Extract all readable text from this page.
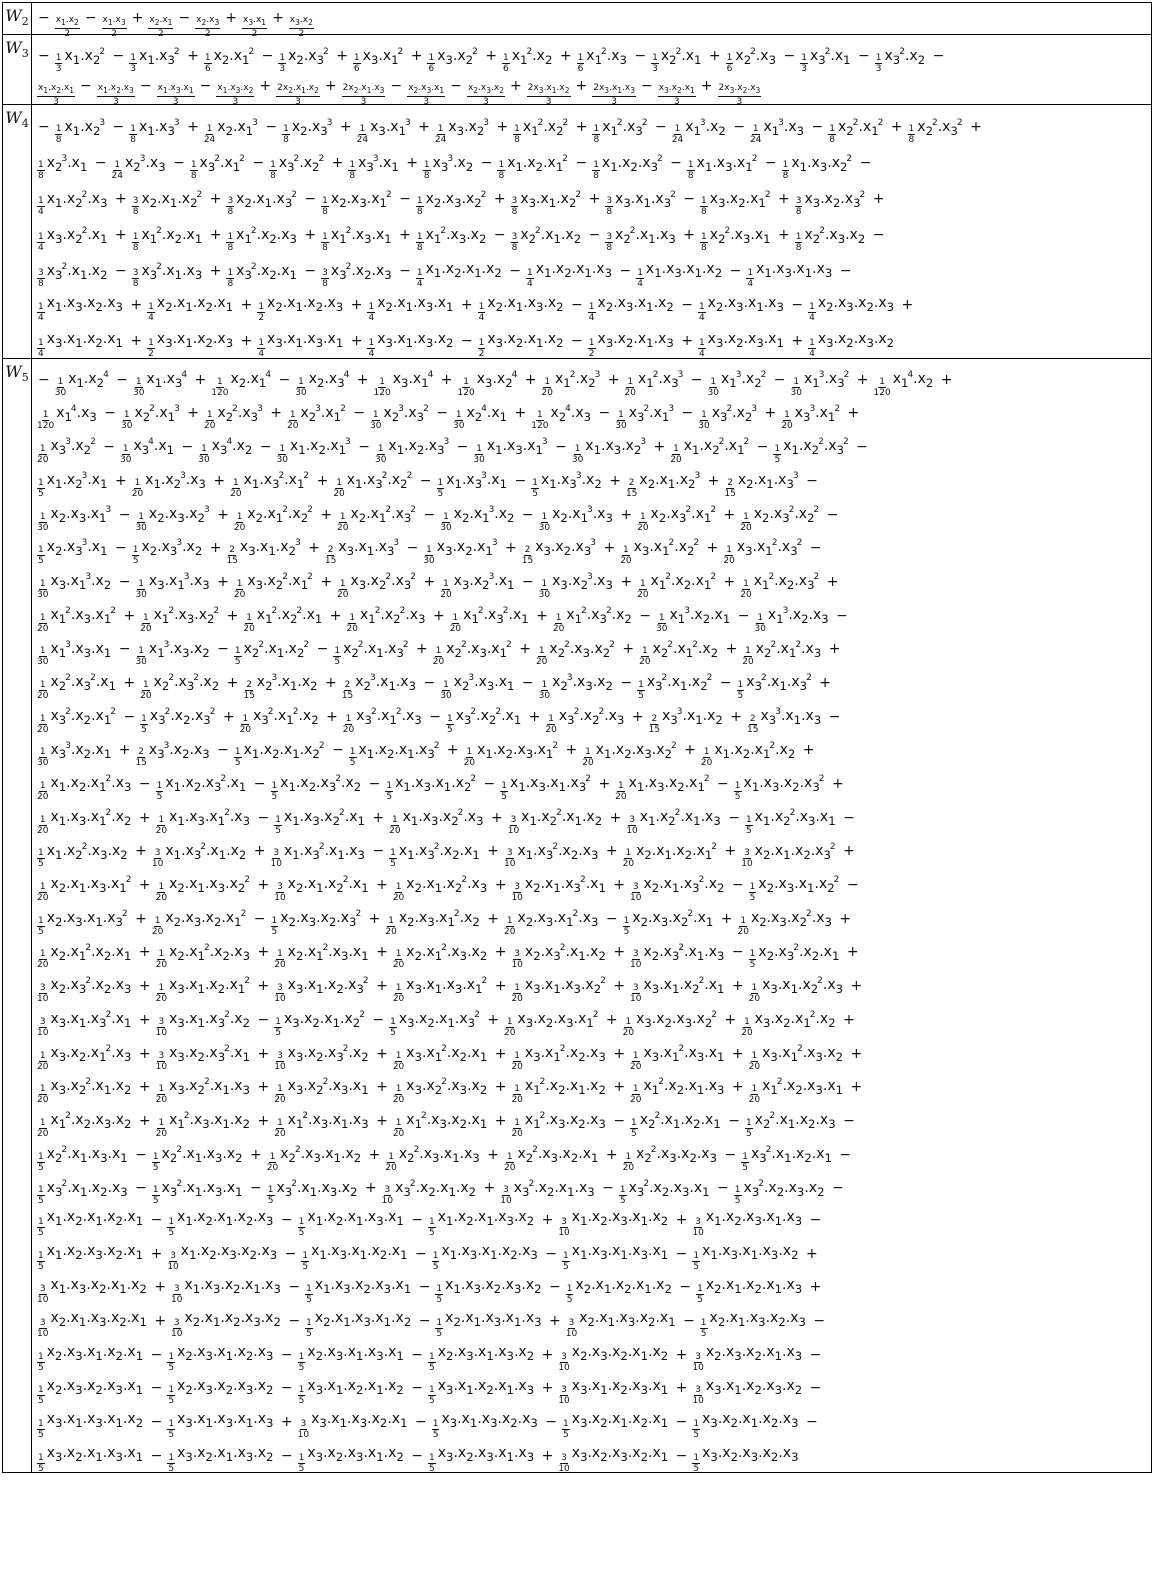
$W_2 - \frac{x_1.x_2}{2} - \frac{x_1.x_3}{2} + \frac{x_2.x_1}{2} - \frac{x_2.x_3}{2} + \frac{x_3.x_1}{2} + \frac{x_3.x_2}{2}$
$W_3 - \frac{1}{3} x_1.x_22 - \frac{1}{3} x_1.x_32 + \frac{1}{6} x_2.x_12 - \frac{1}{3} x_2.x_32 + \frac{1}{6} x_3.x_12 + \frac{1}{6} x_3.x_22 + \frac{1}{6} x_12.x_2 + \frac{1}{6} x_12.x_3 - \frac{1}{3} x_22.x_1 + \frac{1}{6} x_22.x_3 - \frac{1}{3} x_32.x_1 - \frac{1}{3} x_32.x_2$ −
$\frac{x_1.x_2.x_1}{3} - \frac{x_1.x_2.x_3}{3} - \frac{x_1.x_3.x_1}{3} - \frac{x_1.x_3.x_2}{3} + \frac{2x_2.x_1.x_2}{3} + \frac{2x_2.x_1.x_3}{3} - \frac{x_2.x_3.x_1}{3} - \frac{x_2.x_3.x_2}{3} + \frac{2x_3.x_1.x_2}{3} + \frac{2x_3.x_1.x_3}{3} - \frac{x_3.x_2.x_1}{3} + \frac{2x_3.x_2.x_3}{3}$
$W_4 - \frac{1}{8} x_1.x_23 - \frac{1}{8} x_1.x_33 + \frac{1}{24} x_2.x_13 - \frac{1}{8} x_2.x_33 + \frac{1}{24} x_3.x_13 + \frac{1}{24} x_3.x_23 + \frac{1}{8} x_12.x_22 + \frac{1}{8} x_12.x_32 - \frac{1}{24} x_13.x_2 - \frac{1}{24} x_13.x_3 - \frac{1}{8} x_22.x_12 + \frac{1}{8} x_22.x_32$ +
$\frac{1}{8} x_23.x_1 - \frac{1}{24} x_23.x_3 - \frac{1}{8} x_32.x_12 - \frac{1}{8} x_32.x_22 + \frac{1}{8} x_33.x_1 + \frac{1}{8} x_33.x_2 - \frac{1}{8} x_1.x_2.x_12 - \frac{1}{8} x_1.x_2.x_32 - \frac{1}{8} x_1.x_3.x_12 - \frac{1}{8} x_1.x_3.x_22$ −
$\frac{1}{4} x_1.x_22.x_3 + \frac{3}{8} x_2.x_1.x_22 + \frac{3}{8} x_2.x_1.x_32 - \frac{1}{8} x_2.x_3.x_12 - \frac{1}{8} x_2.x_3.x_22 + \frac{3}{8} x_3.x_1.x_22 + \frac{3}{8} x_3.x_1.x_32 - \frac{1}{8} x_3.x_2.x_12 + \frac{3}{8} x_3.x_2.x_32$ +
$\frac{1}{4} x_3.x_22.x_1 + \frac{1}{8} x_12.x_2.x_1 + \frac{1}{8} x_12.x_2.x_3 + \frac{1}{8} x_12.x_3.x_1 + \frac{1}{8} x_12.x_3.x_2 - \frac{3}{8} x_22.x_1.x_2 - \frac{3}{8} x_22.x_1.x_3 + \frac{1}{8} x_22.x_3.x_1 + \frac{1}{8} x_22.x_3.x_2$ −
$\frac{3}{8} x_32.x_1.x_2 - \frac{3}{8} x_32.x_1.x_3 + \frac{1}{8} x_32.x_2.x_1 - \frac{3}{8} x_32.x_2.x_3 - \frac{1}{4} x_1.x_2.x_1.x_2 - \frac{1}{4} x_1.x_2.x_1.x_3 - \frac{1}{4} x_1.x_3.x_1.x_2 - \frac{1}{4} x_1.x_3.x_1.x_3$ −
$\frac{1}{4} x_1.x_3.x_2.x_3 + \frac{1}{4} x_2.x_1.x_2.x_1 + \frac{1}{2} x_2.x_1.x_2.x_3 + \frac{1}{4} x_2.x_1.x_3.x_1 + \frac{1}{4} x_2.x_1.x_3.x_2 - \frac{1}{4} x_2.x_3.x_1.x_2 - \frac{1}{4} x_2.x_3.x_1.x_3 - \frac{1}{4} x_2.x_3.x_2.x_3$ +
$\frac{1}{4} x_3.x_1.x_2.x_1 + \frac{1}{2} x_3.x_1.x_2.x_3 + \frac{1}{4} x_3.x_1.x_3.x_1 + \frac{1}{4} x_3.x_1.x_3.x_2 - \frac{1}{2} x_3.x_2.x_1.x_2 - \frac{1}{2} x_3.x_2.x_1.x_3 + \frac{1}{4} x_3.x_2.x_3.x_1 + \frac{1}{4} x_3.x_2.x_3.x_2$
$W_5 - \frac{1}{30} x_1.x_24 - \frac{1}{30} x_1.x_34 + \frac{1}{120} x_2.x_14 - \frac{1}{30} x_2.x_34 + \frac{1}{120} x_3.x_14 + \frac{1}{120} x_3.x_24 + \frac{1}{20} x_12.x_23 + \frac{1}{20} x_12.x_33 - \frac{1}{30} x_13.x_22 - \frac{1}{30} x_13.x_32 + \frac{1}{120} x_14.x_2$ +
$\frac{1}{120} x_14.x_3 - \frac{1}{30} x_22.x_13 + \frac{1}{20} x_22.x_33 + \frac{1}{20} x_23.x_12 - \frac{1}{30} x_23.x_32 - \frac{1}{30} x_24.x_1 + \frac{1}{120} x_24.x_3 - \frac{1}{30} x_32.x_13 - \frac{1}{30} x_32.x_23 + \frac{1}{20} x_33.x_12$ +
$\frac{1}{20} x_33.x_22 - \frac{1}{30} x_34.x_1 - \frac{1}{30} x_34.x_2 - \frac{1}{30} x_1.x_2.x_13 - \frac{1}{30} x_1.x_2.x_33 - \frac{1}{30} x_1.x_3.x_13 - \frac{1}{30} x_1.x_3.x_23 + \frac{1}{20} x_1.x_22.x_12 - \frac{1}{5} x_1.x_22.x_32$ −
$\frac{1}{5} x_1.x_23.x_1 + \frac{1}{20} x_1.x_23.x_3 + \frac{1}{20} x_1.x_32.x_12 + \frac{1}{20} x_1.x_32.x_22 - \frac{1}{5} x_1.x_33.x_1 - \frac{1}{5} x_1.x_33.x_2 + \frac{2}{15} x_2.x_1.x_23 + \frac{2}{15} x_2.x_1.x_33$ −
$\frac{1}{30} x_2.x_3.x_13 - \frac{1}{30} x_2.x_3.x_23 + \frac{1}{20} x_2.x_12.x_22 + \frac{1}{20} x_2.x_12.x_32 - \frac{1}{30} x_2.x_13.x_2 - \frac{1}{30} x_2.x_13.x_3 + \frac{1}{20} x_2.x_32.x_12 + \frac{1}{20} x_2.x_32.x_22$ −
$\frac{1}{5} x_2.x_33.x_1 - \frac{1}{5} x_2.x_33.x_2 + \frac{2}{15} x_3.x_1.x_23 + \frac{2}{15} x_3.x_1.x_33 - \frac{1}{30} x_3.x_2.x_13 + \frac{2}{15} x_3.x_2.x_33 + \frac{1}{20} x_3.x_12.x_22 + \frac{1}{20} x_3.x_12.x_32$ −
$\frac{1}{30} x_3.x_13.x_2 - \frac{1}{30} x_3.x_13.x_3 + \frac{1}{20} x_3.x_22.x_12 + \frac{1}{20} x_3.x_22.x_32 + \frac{1}{20} x_3.x_23.x_1 - \frac{1}{30} x_3.x_23.x_3 + \frac{1}{20} x_12.x_2.x_12 + \frac{1}{20} x_12.x_2.x_32$ +
$\frac{1}{20} x_12.x_3.x_12 + \frac{1}{20} x_12.x_3.x_22 + \frac{1}{20} x_12.x_22.x_1 + \frac{1}{20} x_12.x_22.x_3 + \frac{1}{20} x_12.x_32.x_1 + \frac{1}{20} x_12.x_32.x_2 - \frac{1}{30} x_13.x_2.x_1 - \frac{1}{30} x_13.x_2.x_3$ −
$\frac{1}{30} x_13.x_3.x_1 - \frac{1}{30} x_13.x_3.x_2 - \frac{1}{5} x_22.x_1.x_22 - \frac{1}{5} x_22.x_1.x_32 + \frac{1}{20} x_22.x_3.x_12 + \frac{1}{20} x_22.x_3.x_22 + \frac{1}{20} x_22.x_12.x_2 + \frac{1}{20} x_22.x_12.x_3$ +
$\frac{1}{20} x_22.x_32.x_1 + \frac{1}{20} x_22.x_32.x_2 + \frac{2}{15} x_23.x_1.x_2 + \frac{2}{15} x_23.x_1.x_3 - \frac{1}{30} x_23.x_3.x_1 - \frac{1}{30} x_23.x_3.x_2 - \frac{1}{5} x_32.x_1.x_22 - \frac{1}{5} x_32.x_1.x_32$ +
$\frac{1}{20} x_32.x_2.x_12 - \frac{1}{5} x_32.x_2.x_32 + \frac{1}{20} x_32.x_12.x_2 + \frac{1}{20} x_32.x_12.x_3 - \frac{1}{5} x_32.x_22.x_1 + \frac{1}{20} x_32.x_22.x_3 + \frac{2}{15} x_33.x_1.x_2 + \frac{2}{15} x_33.x_1.x_3$ −
$\frac{1}{30} x_33.x_2.x_1 + \frac{2}{15} x_33.x_2.x_3 - \frac{1}{5} x_1.x_2.x_1.x_22 - \frac{1}{5} x_1.x_2.x_1.x_32 + \frac{1}{20} x_1.x_2.x_3.x_12 + \frac{1}{20} x_1.x_2.x_3.x_22 + \frac{1}{20} x_1.x_2.x_12.x_2$ +
$\frac{1}{20} x_1.x_2.x_12.x_3 - \frac{1}{5} x_1.x_2.x_32.x_1 - \frac{1}{5} x_1.x_2.x_32.x_2 - \frac{1}{5} x_1.x_3.x_1.x_22 - \frac{1}{5} x_1.x_3.x_1.x_32 + \frac{1}{20} x_1.x_3.x_2.x_12 - \frac{1}{5} x_1.x_3.x_2.x_32$ +
$\frac{1}{20} x_1.x_3.x_12.x_2 + \frac{1}{20} x_1.x_3.x_12.x_3 - \frac{1}{5} x_1.x_3.x_22.x_1 + \frac{1}{20} x_1.x_3.x_22.x_3 + \frac{3}{10} x_1.x_22.x_1.x_2 + \frac{3}{10} x_1.x_22.x_1.x_3 - \frac{1}{5} x_1.x_22.x_3.x_1$ −
$\frac{1}{5} x_1.x_22.x_3.x_2 + \frac{3}{10} x_1.x_32.x_1.x_2 + \frac{3}{10} x_1.x_32.x_1.x_3 - \frac{1}{5} x_1.x_32.x_2.x_1 + \frac{3}{10} x_1.x_32.x_2.x_3 + \frac{1}{20} x_2.x_1.x_2.x_12 + \frac{3}{10} x_2.x_1.x_2.x_32$ +
$\frac{1}{20} x_2.x_1.x_3.x_12 + \frac{1}{20} x_2.x_1.x_3.x_22 + \frac{3}{10} x_2.x_1.x_22.x_1 + \frac{1}{20} x_2.x_1.x_22.x_3 + \frac{3}{10} x_2.x_1.x_32.x_1 + \frac{3}{10} x_2.x_1.x_32.x_2 - \frac{1}{5} x_2.x_3.x_1.x_22$ −
$\frac{1}{5} x_2.x_3.x_1.x_32 + \frac{1}{20} x_2.x_3.x_2.x_12 - \frac{1}{5} x_2.x_3.x_2.x_32 + \frac{1}{20} x_2.x_3.x_12.x_2 + \frac{1}{20} x_2.x_3.x_12.x_3 - \frac{1}{5} x_2.x_3.x_22.x_1 + \frac{1}{20} x_2.x_3.x_22.x_3$ +
$\frac{1}{20} x_2.x_12.x_2.x_1 + \frac{1}{20} x_2.x_12.x_2.x_3 + \frac{1}{20} x_2.x_12.x_3.x_1 + \frac{1}{20} x_2.x_12.x_3.x_2 + \frac{3}{10} x_2.x_32.x_1.x_2 + \frac{3}{10} x_2.x_32.x_1.x_3 - \frac{1}{5} x_2.x_32.x_2.x_1$ +
$\frac{3}{10} x_2.x_32.x_2.x_3 + \frac{1}{20} x_3.x_1.x_2.x_12 + \frac{3}{10} x_3.x_1.x_2.x_32 + \frac{1}{20} x_3.x_1.x_3.x_12 + \frac{1}{20} x_3.x_1.x_3.x_22 + \frac{3}{10} x_3.x_1.x_22.x_1 + \frac{1}{20} x_3.x_1.x_22.x_3$ +
$\frac{3}{10} x_3.x_1.x_32.x_1 + \frac{3}{10} x_3.x_1.x_32.x_2 - \frac{1}{5} x_3.x_2.x_1.x_22 - \frac{1}{5} x_3.x_2.x_1.x_32 + \frac{1}{20} x_3.x_2.x_3.x_12 + \frac{1}{20} x_3.x_2.x_3.x_22 + \frac{1}{20} x_3.x_2.x_12.x_2$ +
$\frac{1}{20} x_3.x_2.x_12.x_3 + \frac{3}{10} x_3.x_2.x_32.x_1 + \frac{3}{10} x_3.x_2.x_32.x_2 + \frac{1}{20} x_3.x_12.x_2.x_1 + \frac{1}{20} x_3.x_12.x_2.x_3 + \frac{1}{20} x_3.x_12.x_3.x_1 + \frac{1}{20} x_3.x_12.x_3.x_2$ +
$\frac{1}{20} x_3.x_22.x_1.x_2 + \frac{1}{20} x_3.x_22.x_1.x_3 + \frac{1}{20} x_3.x_22.x_3.x_1 + \frac{1}{20} x_3.x_22.x_3.x_2 + \frac{1}{20} x_12.x_2.x_1.x_2 + \frac{1}{20} x_12.x_2.x_1.x_3 + \frac{1}{20} x_12.x_2.x_3.x_1$ +
$\frac{1}{20} x_12.x_2.x_3.x_2 + \frac{1}{20} x_12.x_3.x_1.x_2 + \frac{1}{20} x_12.x_3.x_1.x_3 + \frac{1}{20} x_12.x_3.x_2.x_1 + \frac{1}{20} x_12.x_3.x_2.x_3 - \frac{1}{5} x_22.x_1.x_2.x_1 - \frac{1}{5} x_22.x_1.x_2.x_3$ −
$\frac{1}{5} x_22.x_1.x_3.x_1 - \frac{1}{5} x_22.x_1.x_3.x_2 + \frac{1}{20} x_22.x_3.x_1.x_2 + \frac{1}{20} x_22.x_3.x_1.x_3 + \frac{1}{20} x_22.x_3.x_2.x_1 + \frac{1}{20} x_22.x_3.x_2.x_3 - \frac{1}{5} x_32.x_1.x_2.x_1$ −
$\frac{1}{5} x_32.x_1.x_2.x_3 - \frac{1}{5} x_32.x_1.x_3.x_1 - \frac{1}{5} x_32.x_1.x_3.x_2 + \frac{3}{10} x_32.x_2.x_1.x_2 + \frac{3}{10} x_32.x_2.x_1.x_3 - \frac{1}{5} x_32.x_2.x_3.x_1 - \frac{1}{5} x_32.x_2.x_3.x_2$ −
$\frac{1}{5} x_1.x_2.x_1.x_2.x_1 - \frac{1}{5} x_1.x_2.x_1.x_2.x_3 - \frac{1}{5} x_1.x_2.x_1.x_3.x_1 - \frac{1}{5} x_1.x_2.x_1.x_3.x_2 + \frac{3}{10} x_1.x_2.x_3.x_1.x_2 + \frac{3}{10} x_1.x_2.x_3.x_1.x_3$ −
$\frac{1}{5} x_1.x_2.x_3.x_2.x_1 + \frac{3}{10} x_1.x_2.x_3.x_2.x_3 - \frac{1}{5} x_1.x_3.x_1.x_2.x_1 - \frac{1}{5} x_1.x_3.x_1.x_2.x_3 - \frac{1}{5} x_1.x_3.x_1.x_3.x_1 - \frac{1}{5} x_1.x_3.x_1.x_3.x_2$ +
$\frac{3}{10} x_1.x_3.x_2.x_1.x_2 + \frac{3}{10} x_1.x_3.x_2.x_1.x_3 - \frac{1}{5} x_1.x_3.x_2.x_3.x_1 - \frac{1}{5} x_1.x_3.x_2.x_3.x_2 - \frac{1}{5} x_2.x_1.x_2.x_1.x_2 - \frac{1}{5} x_2.x_1.x_2.x_1.x_3$ +
$\frac{3}{10} x_2.x_1.x_3.x_2.x_1 + \frac{3}{10} x_2.x_1.x_2.x_3.x_2 - \frac{1}{5} x_2.x_1.x_3.x_1.x_2 - \frac{1}{5} x_2.x_1.x_3.x_1.x_3 + \frac{3}{10} x_2.x_1.x_3.x_2.x_1 - \frac{1}{5} x_2.x_1.x_3.x_2.x_3$ −
$\frac{1}{5} x_2.x_3.x_1.x_2.x_1 - \frac{1}{5} x_2.x_3.x_1.x_2.x_3 - \frac{1}{5} x_2.x_3.x_1.x_3.x_1 - \frac{1}{5} x_2.x_3.x_1.x_3.x_2 + \frac{3}{10} x_2.x_3.x_2.x_1.x_2 + \frac{3}{10} x_2.x_3.x_2.x_1.x_3$ −
$\frac{1}{5} x_2.x_3.x_2.x_3.x_1 - \frac{1}{5} x_2.x_3.x_2.x_3.x_2 - \frac{1}{5} x_3.x_1.x_2.x_1.x_2 - \frac{1}{5} x_3.x_1.x_2.x_1.x_3 + \frac{3}{10} x_3.x_1.x_2.x_3.x_1 + \frac{3}{10} x_3.x_1.x_2.x_3.x_2$ −
$\frac{1}{5} x_3.x_1.x_3.x_1.x_2 - \frac{1}{5} x_3.x_1.x_3.x_1.x_3 + \frac{3}{10} x_3.x_1.x_3.x_2.x_1 - \frac{1}{5} x_3.x_1.x_3.x_2.x_3 - \frac{1}{5} x_3.x_2.x_1.x_2.x_1 - \frac{1}{5} x_3.x_2.x_1.x_2.x_3$ −
$\frac{1}{5} x_3.x_2.x_1.x_3.x_1 - \frac{1}{5} x_3.x_2.x_1.x_3.x_2 - \frac{1}{5} x_3.x_2.x_3.x_1.x_2 - \frac{1}{5} x_3.x_2.x_3.x_1.x_3 + \frac{3}{10} x_3.x_2.x_3.x_2.x_1 - \frac{1}{5} x_3.x_2.x_3.x_2.x_3$
